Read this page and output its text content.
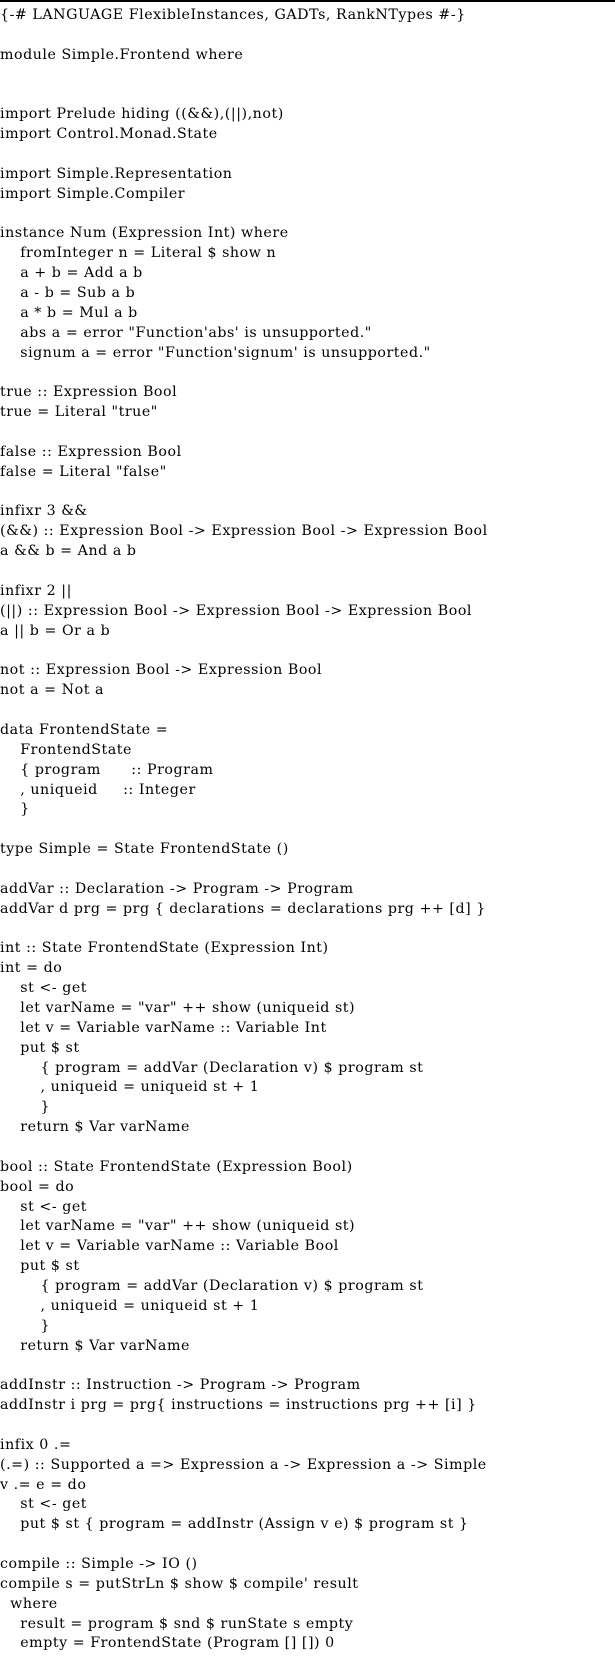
{-# LANGUAGE FlexibleInstances, GADTs, RankNTypes #-}
module Simple.Frontend where
import Prelude hiding ((&&),(||),not)
import Control.Monad.State
import Simple.Representation
import Simple.Compiler
instance Num (Expression Int) where
fromInteger n = Literal $ show n
a + b = Add a b
a - b = Sub a b
a * b = Mul a b
abs a = error "Function'abs' is unsupported."
signum a = error "Function'signum' is unsupported."
true :: Expression Bool
true = Literal "true"
false :: Expression Bool
false = Literal "false"
infixr 3 &&
(&&) :: Expression Bool -> Expression Bool -> Expression Bool
a && b = And a b
infixr 2 ||
(||) :: Expression Bool -> Expression Bool -> Expression Bool
a || b = Or a b
not :: Expression Bool -> Expression Bool
not a = Not a
data FrontendState =
FrontendState
{ program      :: Program
, uniqueid     :: Integer
}
type Simple = State FrontendState ()
addVar :: Declaration -> Program -> Program
addVar d prg = prg { declarations = declarations prg ++ [d] }
int :: State FrontendState (Expression Int)
int = do
st <- get
let varName = "var" ++ show (uniqueid st)
let v = Variable varName :: Variable Int
put $ st
{ program = addVar (Declaration v) $ program st
, uniqueid = uniqueid st + 1
}
return $ Var varName
bool :: State FrontendState (Expression Bool)
bool = do
st <- get
let varName = "var" ++ show (uniqueid st)
let v = Variable varName :: Variable Bool
put $ st
{ program = addVar (Declaration v) $ program st
, uniqueid = uniqueid st + 1
}
return $ Var varName
addInstr :: Instruction -> Program -> Program
addInstr i prg = prg{ instructions = instructions prg ++ [i] }
infix 0 .=
(.=) :: Supported a => Expression a -> Expression a -> Simple
v .= e = do
st <- get
put $ st { program = addInstr (Assign v e) $ program st }
compile :: Simple -> IO ()
compile s = putStrLn $ show $ compile' result
where
result = program $ snd $ runState s empty
empty = FrontendState (Program [] []) 0
